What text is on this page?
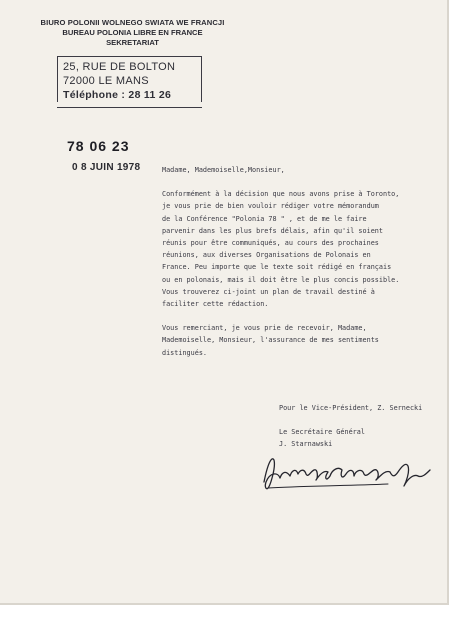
BIURO POLONII WOLNEGO SWIATA WE FRANCJI
BUREAU POLONIA LIBRE EN FRANCE
SEKRETARIAT
25, RUE DE BOLTON
72000 LE MANS
Téléphone : 28 11 26
78 06 23
0 8 JUIN 1978	Madame, Mademoiselle,Monsieur,

Conformément à la décision que nous avons prise à Toronto,

je vous prie de bien vouloir rédiger votre mémorandum

de la Conférence "Polonia 78 " , et de me le faire

parvenir dans les plus brefs délais, afin qu'il soient

réunis pour être communiqués, au cours des prochaines

réunions, aux diverses Organisations de Polonais en

France. Peu importe que le texte soit rédigé en français

ou en polonais, mais il doit être le plus concis possible.

Vous trouverez ci-joint un plan de travail destiné à

faciliter cette rédaction.

Vous remerciant, je vous prie de recevoir, Madame,

Mademoiselle, Monsieur, l'assurance de mes sentiments

distingués.

Pour le Vice-Président, Z. Sernecki

Le Secrétaire Général

J. Starnawski
